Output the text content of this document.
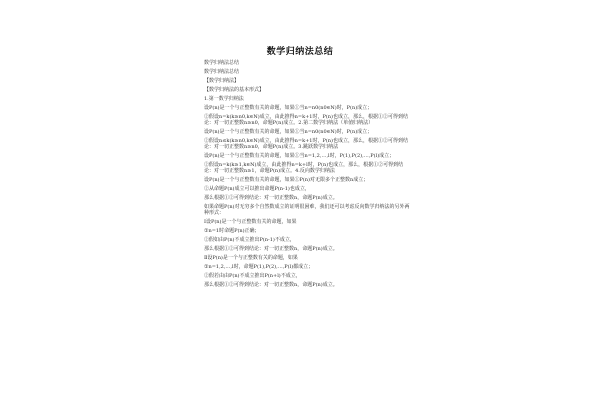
数学归纳法总结
数学归纳法总结
数学归纳法总结
【数学归纳法】
【数学归纳法的基本形式】
1.第一数学归纳法
设P(n)是一个与正整数有关的命题，如果①当n=n0(n0∈N)时，P(n)成立；
②假设n=k(k≥n0,k∈N)成立，由此推得n=k+1时，P(n)也成立，那么，根据①②可得到结论：对一切正整数n≥n0，命题P(n)成立。2.第二数学归纳法（单值归纳法）
设P(n)是一个与正整数有关的命题，如果①当n=n0(n0∈N)时，P(n)成立；
②假设n≤k(k≥n0,k∈N)成立，由此推得n=k+1时，P(n)也成立，那么，根据①②可得到结论：对一切正整数n≥n0，命题P(n)成立。3.跳跃数学归纳法
设P(n)是一个与正整数有关的命题，如果①当n=1,2,…,l时，P(1),P(2),…,P(l)成立；
②假设n=k(k≥1,k∈N)成立，由此推得n=k+l时，P(n)也成立，那么，根据①②可得到结论：对一切正整数n≥1，命题P(n)成立。4.反向数学归纳法
设P(n)是一个与正整数有关的命题，如果①P(n)对无限多个正整数n成立；
②从命题P(n)成立可以推出命题P(n-1)也成立，
那么根据①②可得到结论：对一切正整数n，命题P(n)成立。
如果命题P(n)对无穷多个自然数成立的证明很困难，我们还可以考虑反向数学归纳法的另外两种形式：
Ⅰ设P(n)是一个与正整数有关的命题，如果
①n=1时命题P(n)正确；
②假如由P(n)不成立推出P(n-1)不成立，
那么根据①②可得到结论：对一切正整数n，命题P(n)成立。
Ⅱ设P(n)是一个与正整数有关的命题，如果
①n=1,2,…,l时，命题P(1),P(2),…,P(l)都成立；
②假若由由P(n)不成立推出P(n+l)不成立，
那么根据①②可得到结论：对一切正整数n，命题P(n)成立。
